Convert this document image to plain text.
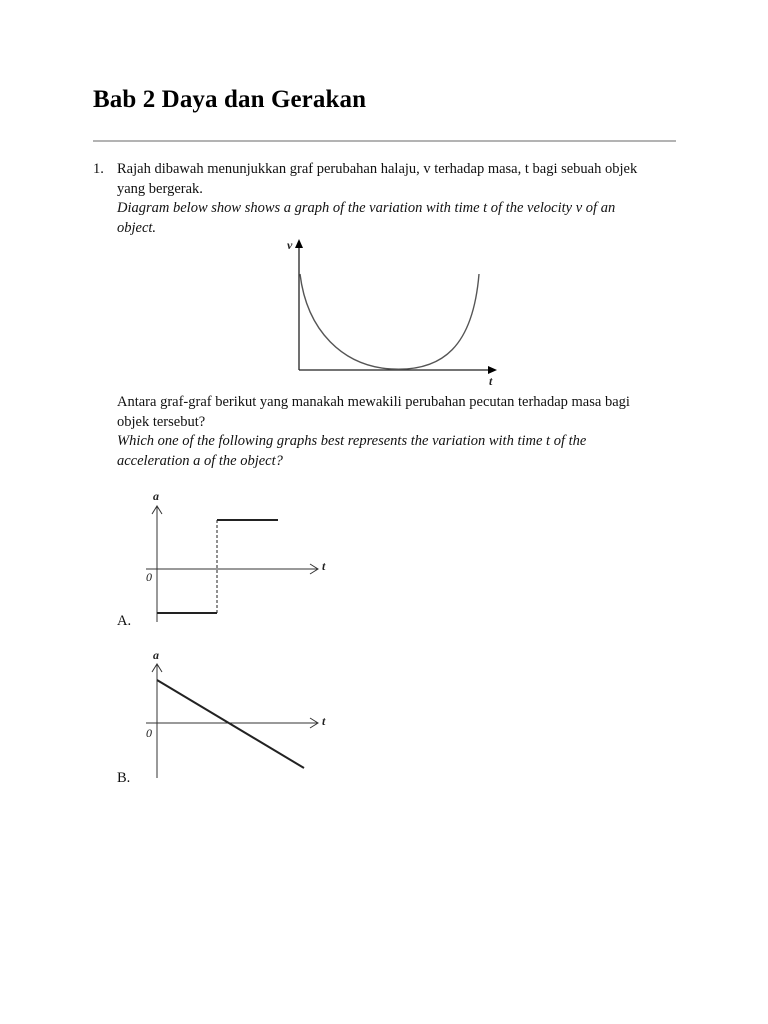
Bab 2 Daya dan Gerakan
1. Rajah dibawah menunjukkan graf perubahan halaju, v terhadap masa, t bagi sebuah objek
yang bergerak.
Diagram below show shows a graph of the variation with time t of the velocity v of an
object.
v
t
Antara graf-graf berikut yang manakah mewakili perubahan pecutan terhadap masa bagi
objek tersebut?
Which one of the following graphs best represents the variation with time t of the
acceleration a of the object?
a
t
0
A.
a
t
0
B.
